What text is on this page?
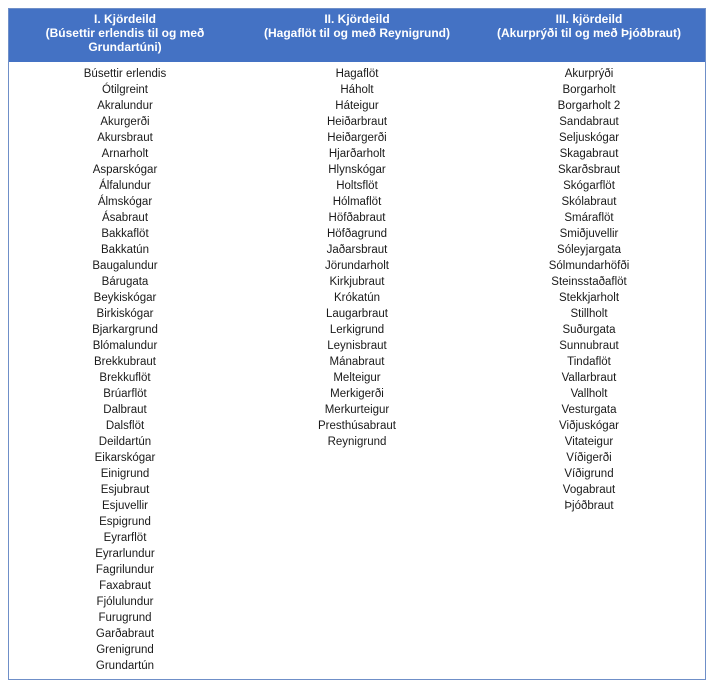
I. Kjördeild
(Búsettir erlendis til og með Grundartúni)
II. Kjördeild
(Hagaflöt til og með Reynigrund)
III. kjördeild
(Akurprýði til og með Þjóðbraut)
Búsettir erlendis
Ótilgreint
Akralundur
Akurgerði
Akursbraut
Arnarholt
Asparskógar
Álfalundur
Álmskógar
Ásabraut
Bakkaflöt
Bakkatún
Baugalundur
Bárugata
Beykiskógar
Birkiskógar
Bjarkargrund
Blómalundur
Brekkubraut
Brekkuflöt
Brúarflöt
Dalbraut
Dalsflöt
Deildartún
Eikarskógar
Einigrund
Esjubraut
Esjuvellir
Espigrund
Eyrarflöt
Eyrarlundur
Fagrilundur
Faxabraut
Fjólulundur
Furugrund
Garðabraut
Grenigrund
Grundartún
Hagaflöt
Háholt
Háteigur
Heiðarbraut
Heiðargerði
Hjarðarholt
Hlynskógar
Holtsflöt
Hólmaflöt
Höfðabraut
Höfðagrund
Jaðarsbraut
Jörundarholt
Kirkjubraut
Krókatún
Laugarbraut
Lerkigrund
Leynisbraut
Mánabraut
Melteigur
Merkigerði
Merkurteigur
Presthúsabraut
Reynigrund
Akurprýði
Borgarholt
Borgarholt 2
Sandabraut
Seljuskógar
Skagabraut
Skarðsbraut
Skógarflöt
Skólabraut
Smáraflöt
Smiðjuvellir
Sóleyjargata
Sólmundarhöfði
Steinsstaðaflöt
Stekkjarholt
Stillholt
Suðurgata
Sunnubraut
Tindaflöt
Vallarbraut
Vallholt
Vesturgata
Viðjuskógar
Vitateigur
Víðigerði
Víðigrund
Vogabraut
Þjóðbraut
